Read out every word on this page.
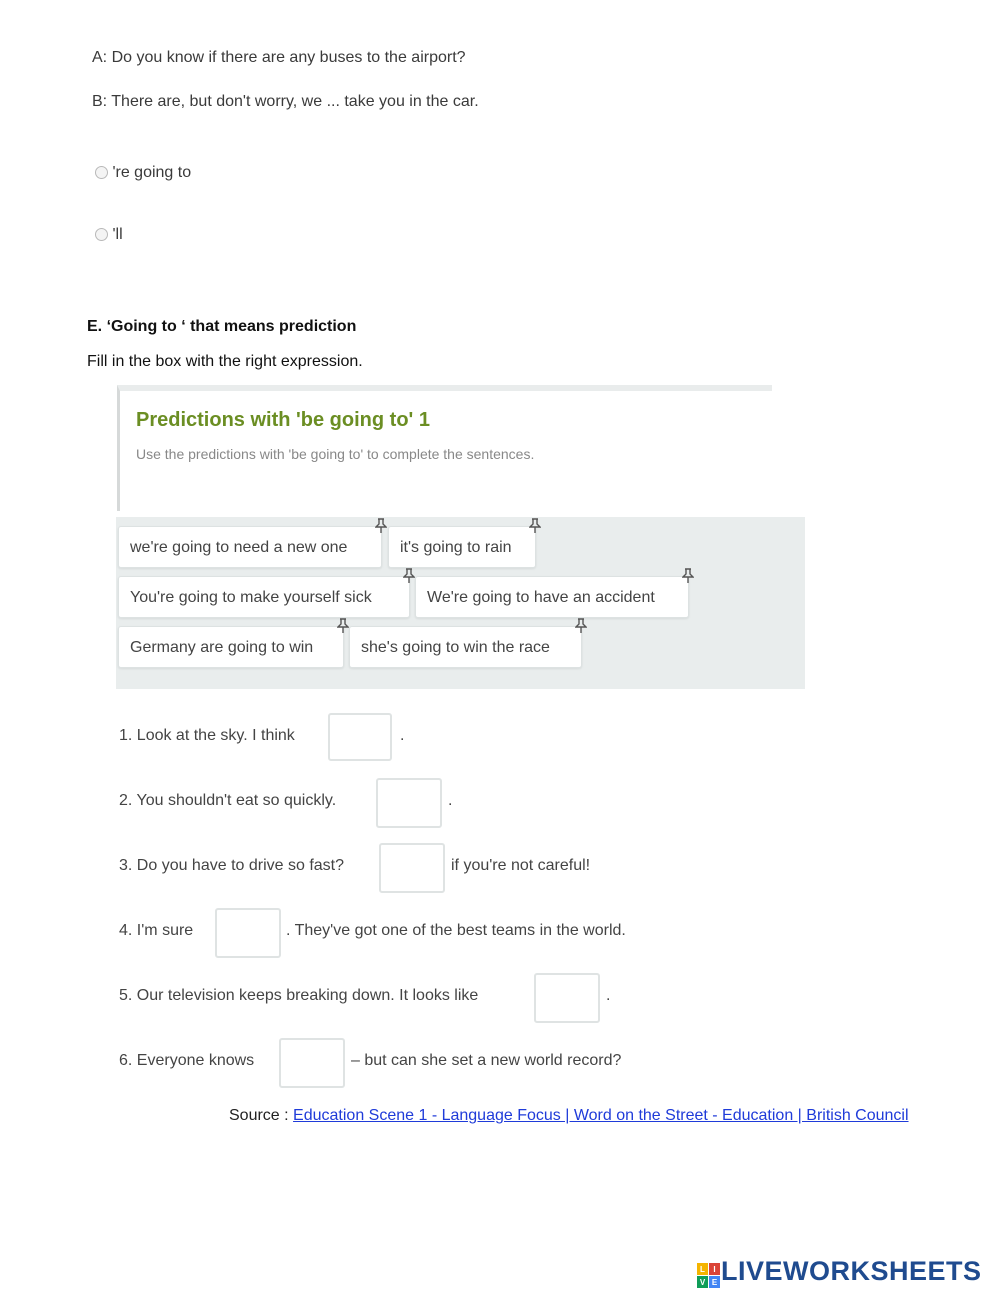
A: Do you know if there are any buses to the airport?
B: There are, but don't worry, we ... take you in the car.
're going to
'll
E. ‘Going to ‘ that means prediction
Fill in the box with the right expression.
Predictions with 'be going to' 1
Use the predictions with 'be going to' to complete the sentences.
we're going to need a new one	it's going to rain
You're going to make yourself sick	We're going to have an accident
Germany are going to win	she's going to win the race
1. Look at the sky. I think	.
2. You shouldn't eat so quickly.	.
3. Do you have to drive so fast?	if you're not careful!
4. I'm sure	. They've got one of the best teams in the world.
5. Our television keeps breaking down. It looks like	.
6. Everyone knows	– but can she set a new world record?
Source : Education Scene 1 - Language Focus | Word on the Street - Education | British Council
L I
V E LIVEWORKSHEETS
